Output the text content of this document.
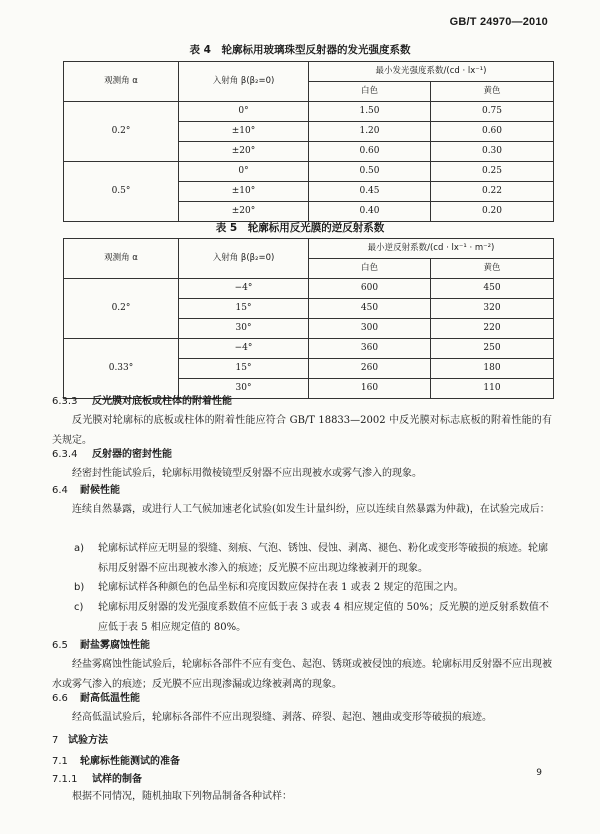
GB/T 24970—2010
表 4　轮廓标用玻璃珠型反射器的发光强度系数
观测角 α	入射角 β(β₂=0)	最小发光强度系数/(cd · lx⁻¹)	
		白色	黄色
0.2°	0°	1.50	0.75
	±10°	1.20	0.60
	±20°	0.60	0.30
0.5°	0°	0.50	0.25
	±10°	0.45	0.22
	±20°	0.40	0.20
表 5　轮廓标用反光膜的逆反射系数
观测角 α	入射角 β(β₂=0)	最小逆反射系数/(cd · lx⁻¹ · m⁻²)	
		白色	黄色
0.2°	−4°	600	450
	15°	450	320
	30°	300	220
0.33°	−4°	360	250
	15°	260	180
	30°	160	110
6.3.3 反光膜对底板或柱体的附着性能
反光膜对轮廓标的底板或柱体的附着性能应符合 GB/T 18833—2002 中反光膜对标志底板的附着性能的有关规定。
6.3.4 反射器的密封性能
经密封性能试验后，轮廓标用微棱镜型反射器不应出现被水或雾气渗入的现象。
6.4 耐候性能
连续自然暴露，或进行人工气候加速老化试验(如发生计量纠纷，应以连续自然暴露为仲裁)，在试验完成后：
a) 轮廓标试样应无明显的裂缝、刻痕、气泡、锈蚀、侵蚀、剥离、褪色、粉化或变形等破损的痕迹。轮廓标用反射器不应出现被水渗入的痕迹；反光膜不应出现边缘被剥开的现象。
b) 轮廓标试样各种颜色的色品坐标和亮度因数应保持在表 1 或表 2 规定的范围之内。
c) 轮廓标用反射器的发光强度系数值不应低于表 3 或表 4 相应规定值的 50%；反光膜的逆反射系数值不应低于表 5 相应规定值的 80%。
6.5 耐盐雾腐蚀性能
经盐雾腐蚀性能试验后，轮廓标各部件不应有变色、起泡、锈斑或被侵蚀的痕迹。轮廓标用反射器不应出现被水或雾气渗入的痕迹；反光膜不应出现渗漏或边缘被剥离的现象。
6.6 耐高低温性能
经高低温试验后，轮廓标各部件不应出现裂缝、剥落、碎裂、起泡、翘曲或变形等破损的痕迹。
7 试验方法
7.1 轮廓标性能测试的准备
7.1.1 试样的制备
根据不同情况，随机抽取下列物品制备各种试样：
9
